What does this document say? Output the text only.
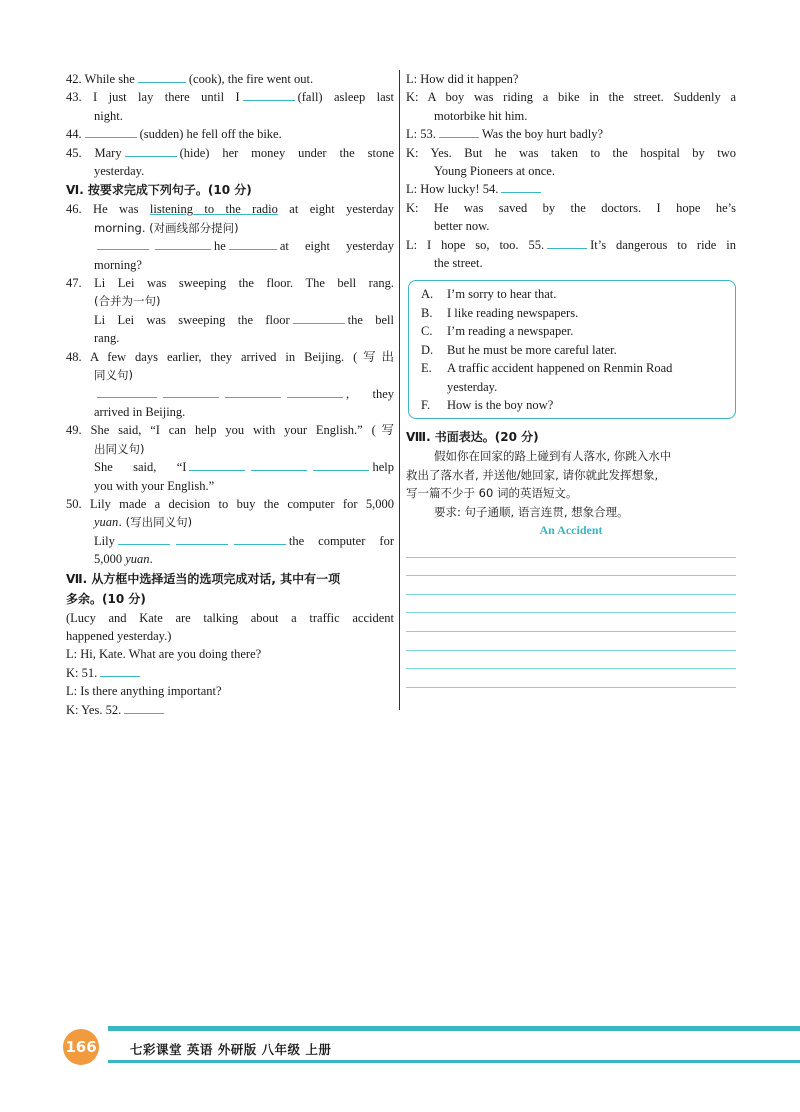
42. While she	(cook), the fire went out.
43. I just lay there until I	(fall) asleep last
night.
44.	(sudden) he fell off the bike.
45. Mary	(hide) her money under the stone
yesterday.
Ⅵ. 按要求完成下列句子。(10 分)
46. He was listening to the radio at eight yesterday
morning. (对画线部分提问)
he	at eight yesterday
morning?
47. Li Lei was sweeping the floor. The bell rang.
(合并为一句)
Li Lei was sweeping the floor	the bell
rang.
48. A few days earlier, they arrived in Beijing. (写出
同义句)
, they
arrived in Beijing.
49. She said, “I can help you with your English.” (写
出同义句)
She said, “I	help
you with your English.”
50. Lily made a decision to buy the computer for 5,000
yuan. (写出同义句)
Lily	the computer for
5,000 yuan.
Ⅶ. 从方框中选择适当的选项完成对话, 其中有一项
多余。(10 分)
(Lucy and Kate are talking about a traffic accident
happened yesterday.)
L: Hi, Kate. What are you doing there?
K: 51.
L: Is there anything important?
K: Yes. 52.
L: How did it happen?
K: A boy was riding a bike in the street. Suddenly a
motorbike hit him.
L: 53.	Was the boy hurt badly?
K: Yes. But he was taken to the hospital by two
Young Pioneers at once.
L: How lucky! 54.
K: He was saved by the doctors. I hope he’s
better now.
L: I hope so, too. 55.	It’s dangerous to ride in
the street.
A.	I’m sorry to hear that.
B.	I like reading newspapers.
C.	I’m reading a newspaper.
D.	But he must be more careful later.
E.	A traffic accident happened on Renmin Road yesterday.
F.	How is the boy now?
Ⅷ. 书面表达。(20 分)
假如你在回家的路上碰到有人落水, 你跳入水中
救出了落水者, 并送他/她回家, 请你就此发挥想象,
写一篇不少于 60 词的英语短文。
要求: 句子通顺, 语言连贯, 想象合理。
An Accident
166	七彩课堂 英语 外研版 八年级 上册
